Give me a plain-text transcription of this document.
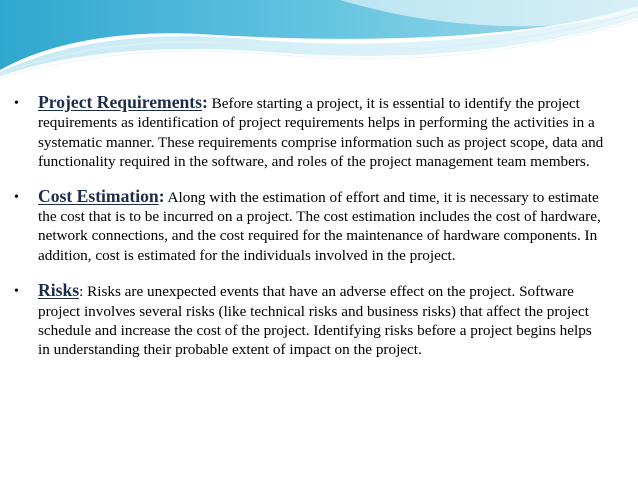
•	Project Requirements: Before starting a project, it is essential to identify the project requirements as identification of project requirements helps in performing the activities in a systematic manner. These requirements comprise information such as project scope, data and functionality required in the software, and roles of the project management team members.
•	Cost Estimation: Along with the estimation of effort and time, it is necessary to estimate the cost that is to be incurred on a project. The cost estimation includes the cost of hardware, network connections, and the cost required for the maintenance of hardware components. In addition, cost is estimated for the individuals involved in the project.
•	Risks: Risks are unexpected events that have an adverse effect on the project. Software project involves several risks (like technical risks and business risks) that affect the project schedule and increase the cost of the project. Identifying risks before a project begins helps in understanding their probable extent of impact on the project.
